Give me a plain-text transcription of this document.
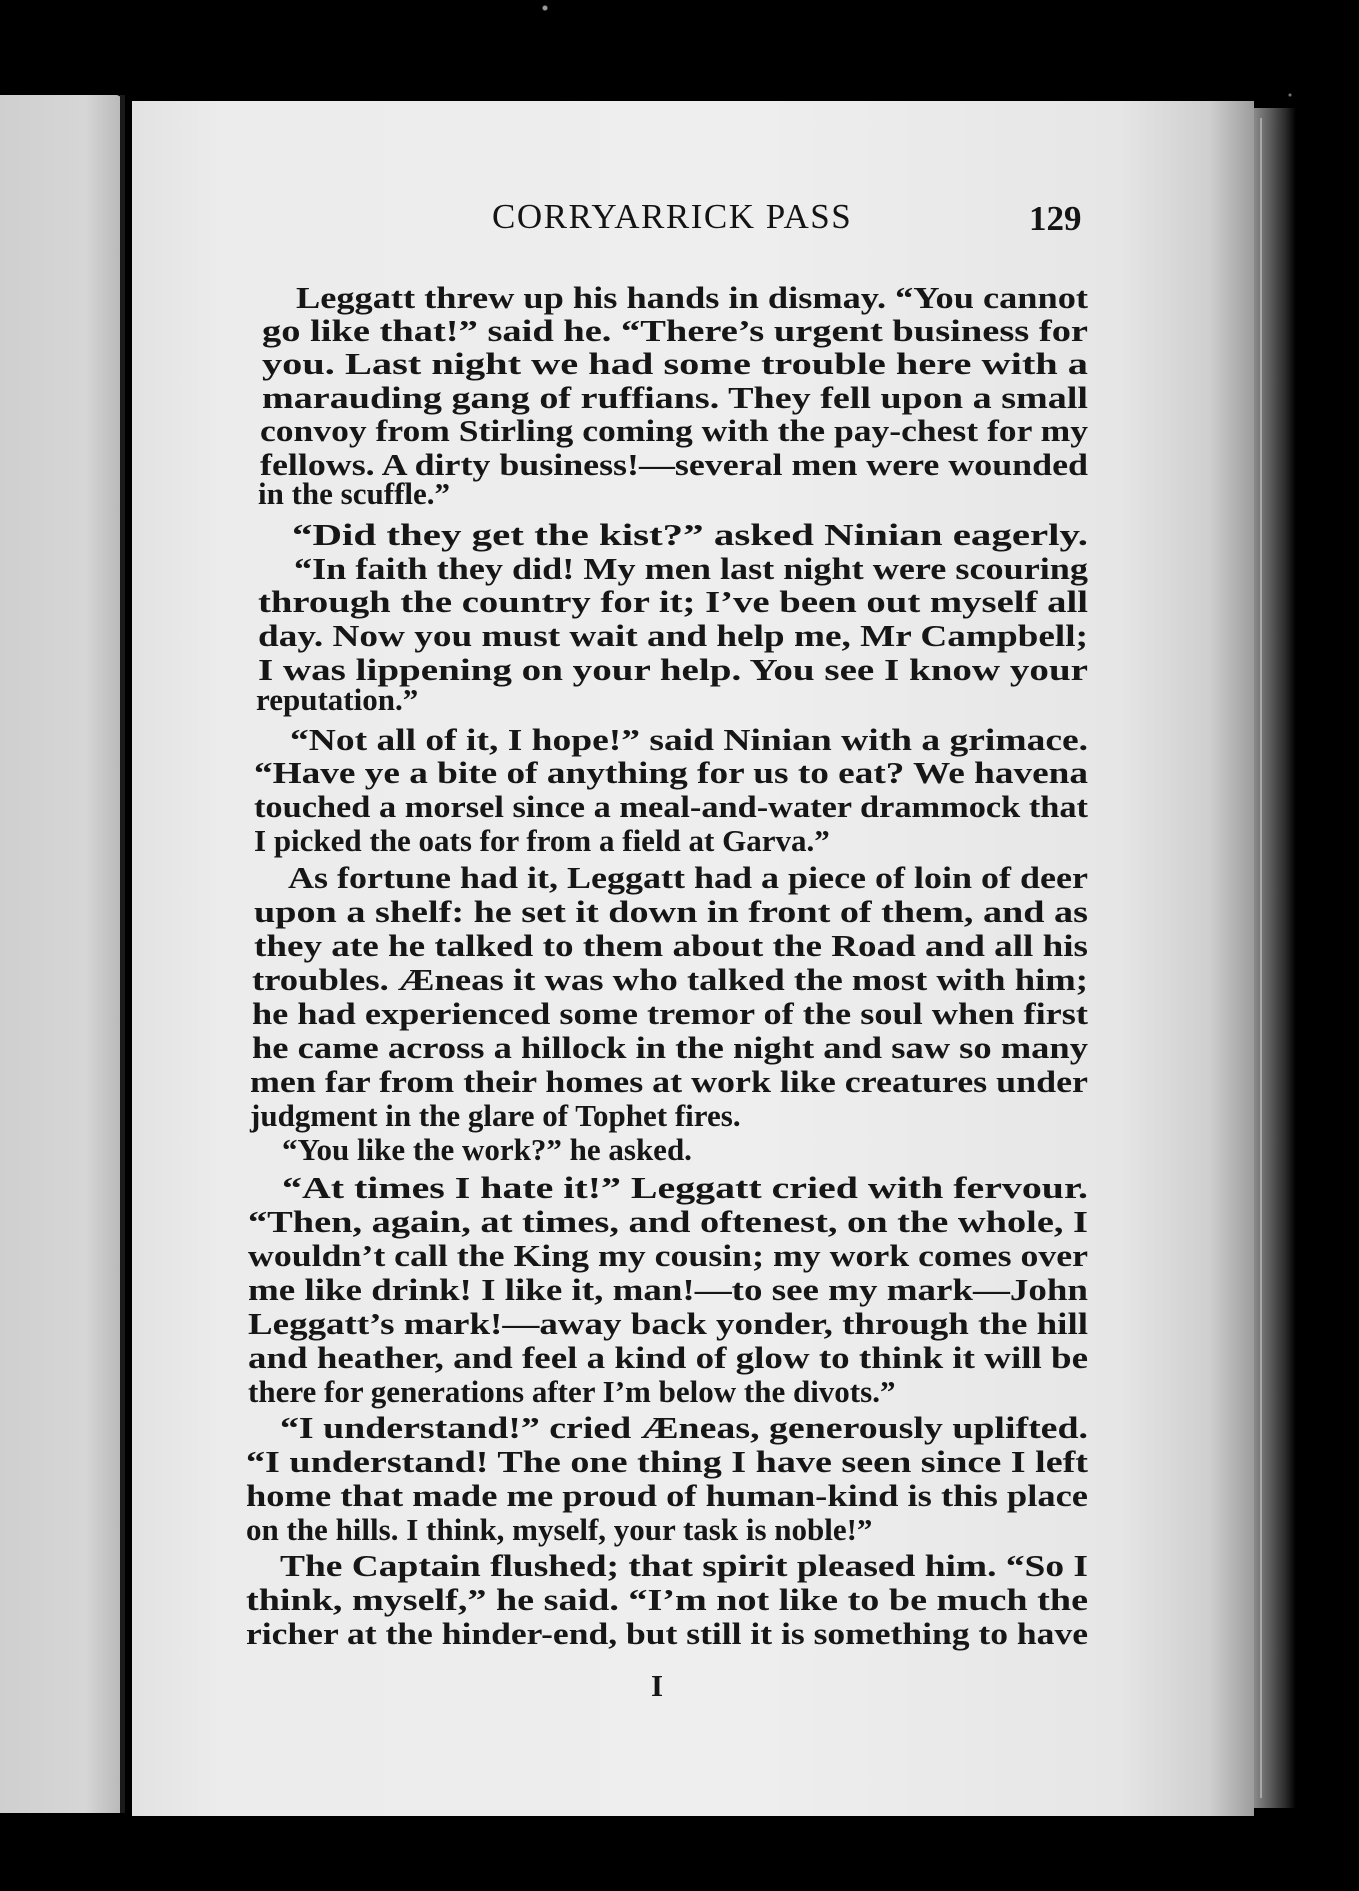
CORRYARRICK PASS	129
Leggatt threw up his hands in dismay. “You cannot
go like that!” said he. “There’s urgent business for
you. Last night we had some trouble here with a
marauding gang of ruffians. They fell upon a small
convoy from Stirling coming with the pay-chest for my
fellows. A dirty business!—several men were wounded
in the scuffle.”
“Did they get the kist?” asked Ninian eagerly.
“In faith they did! My men last night were scouring
through the country for it; I’ve been out myself all
day. Now you must wait and help me, Mr Campbell;
I was lippening on your help. You see I know your
reputation.”
“Not all of it, I hope!” said Ninian with a grimace.
“Have ye a bite of anything for us to eat? We havena
touched a morsel since a meal-and-water drammock that
I picked the oats for from a field at Garva.”
As fortune had it, Leggatt had a piece of loin of deer
upon a shelf: he set it down in front of them, and as
they ate he talked to them about the Road and all his
troubles. Æneas it was who talked the most with him;
he had experienced some tremor of the soul when first
he came across a hillock in the night and saw so many
men far from their homes at work like creatures under
judgment in the glare of Tophet fires.
“You like the work?” he asked.
“At times I hate it!” Leggatt cried with fervour.
“Then, again, at times, and oftenest, on the whole, I
wouldn’t call the King my cousin; my work comes over
me like drink! I like it, man!—to see my mark—John
Leggatt’s mark!—away back yonder, through the hill
and heather, and feel a kind of glow to think it will be
there for generations after I’m below the divots.”
“I understand!” cried Æneas, generously uplifted.
“I understand! The one thing I have seen since I left
home that made me proud of human-kind is this place
on the hills. I think, myself, your task is noble!”
The Captain flushed; that spirit pleased him. “So I
think, myself,” he said. “I’m not like to be much the
richer at the hinder-end, but still it is something to have
I
